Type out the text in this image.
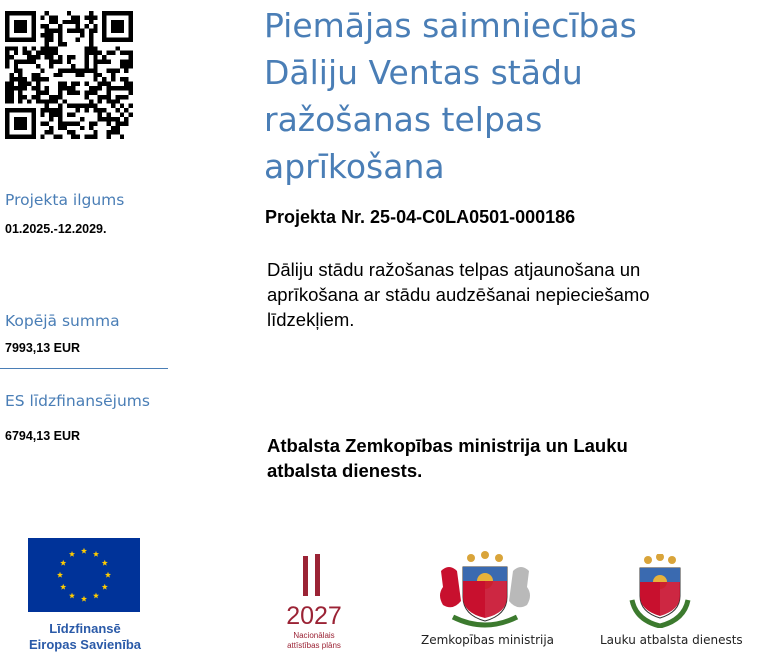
Projekta ilgums
01.2025.-12.2029.
Kopējā summa
7993,13 EUR
ES līdzfinansējums
6794,13 EUR
Piemājas saimniecības
Dāliju Ventas stādu
ražošanas telpas
aprīkošana
Projekta Nr. 25-04-C0LA0501-000186
Dāliju stādu ražošanas telpas atjaunošana un
aprīkošana ar stādu audzēšanai nepieciešamo
līdzekļiem.
Atbalsta Zemkopības ministrija un Lauku
atbalsta dienests.
Līdzfinansē
Eiropas Savienība
2027
Nacionālais
attīstības plāns	Zemkopības ministrija	Lauku atbalsta dienests
